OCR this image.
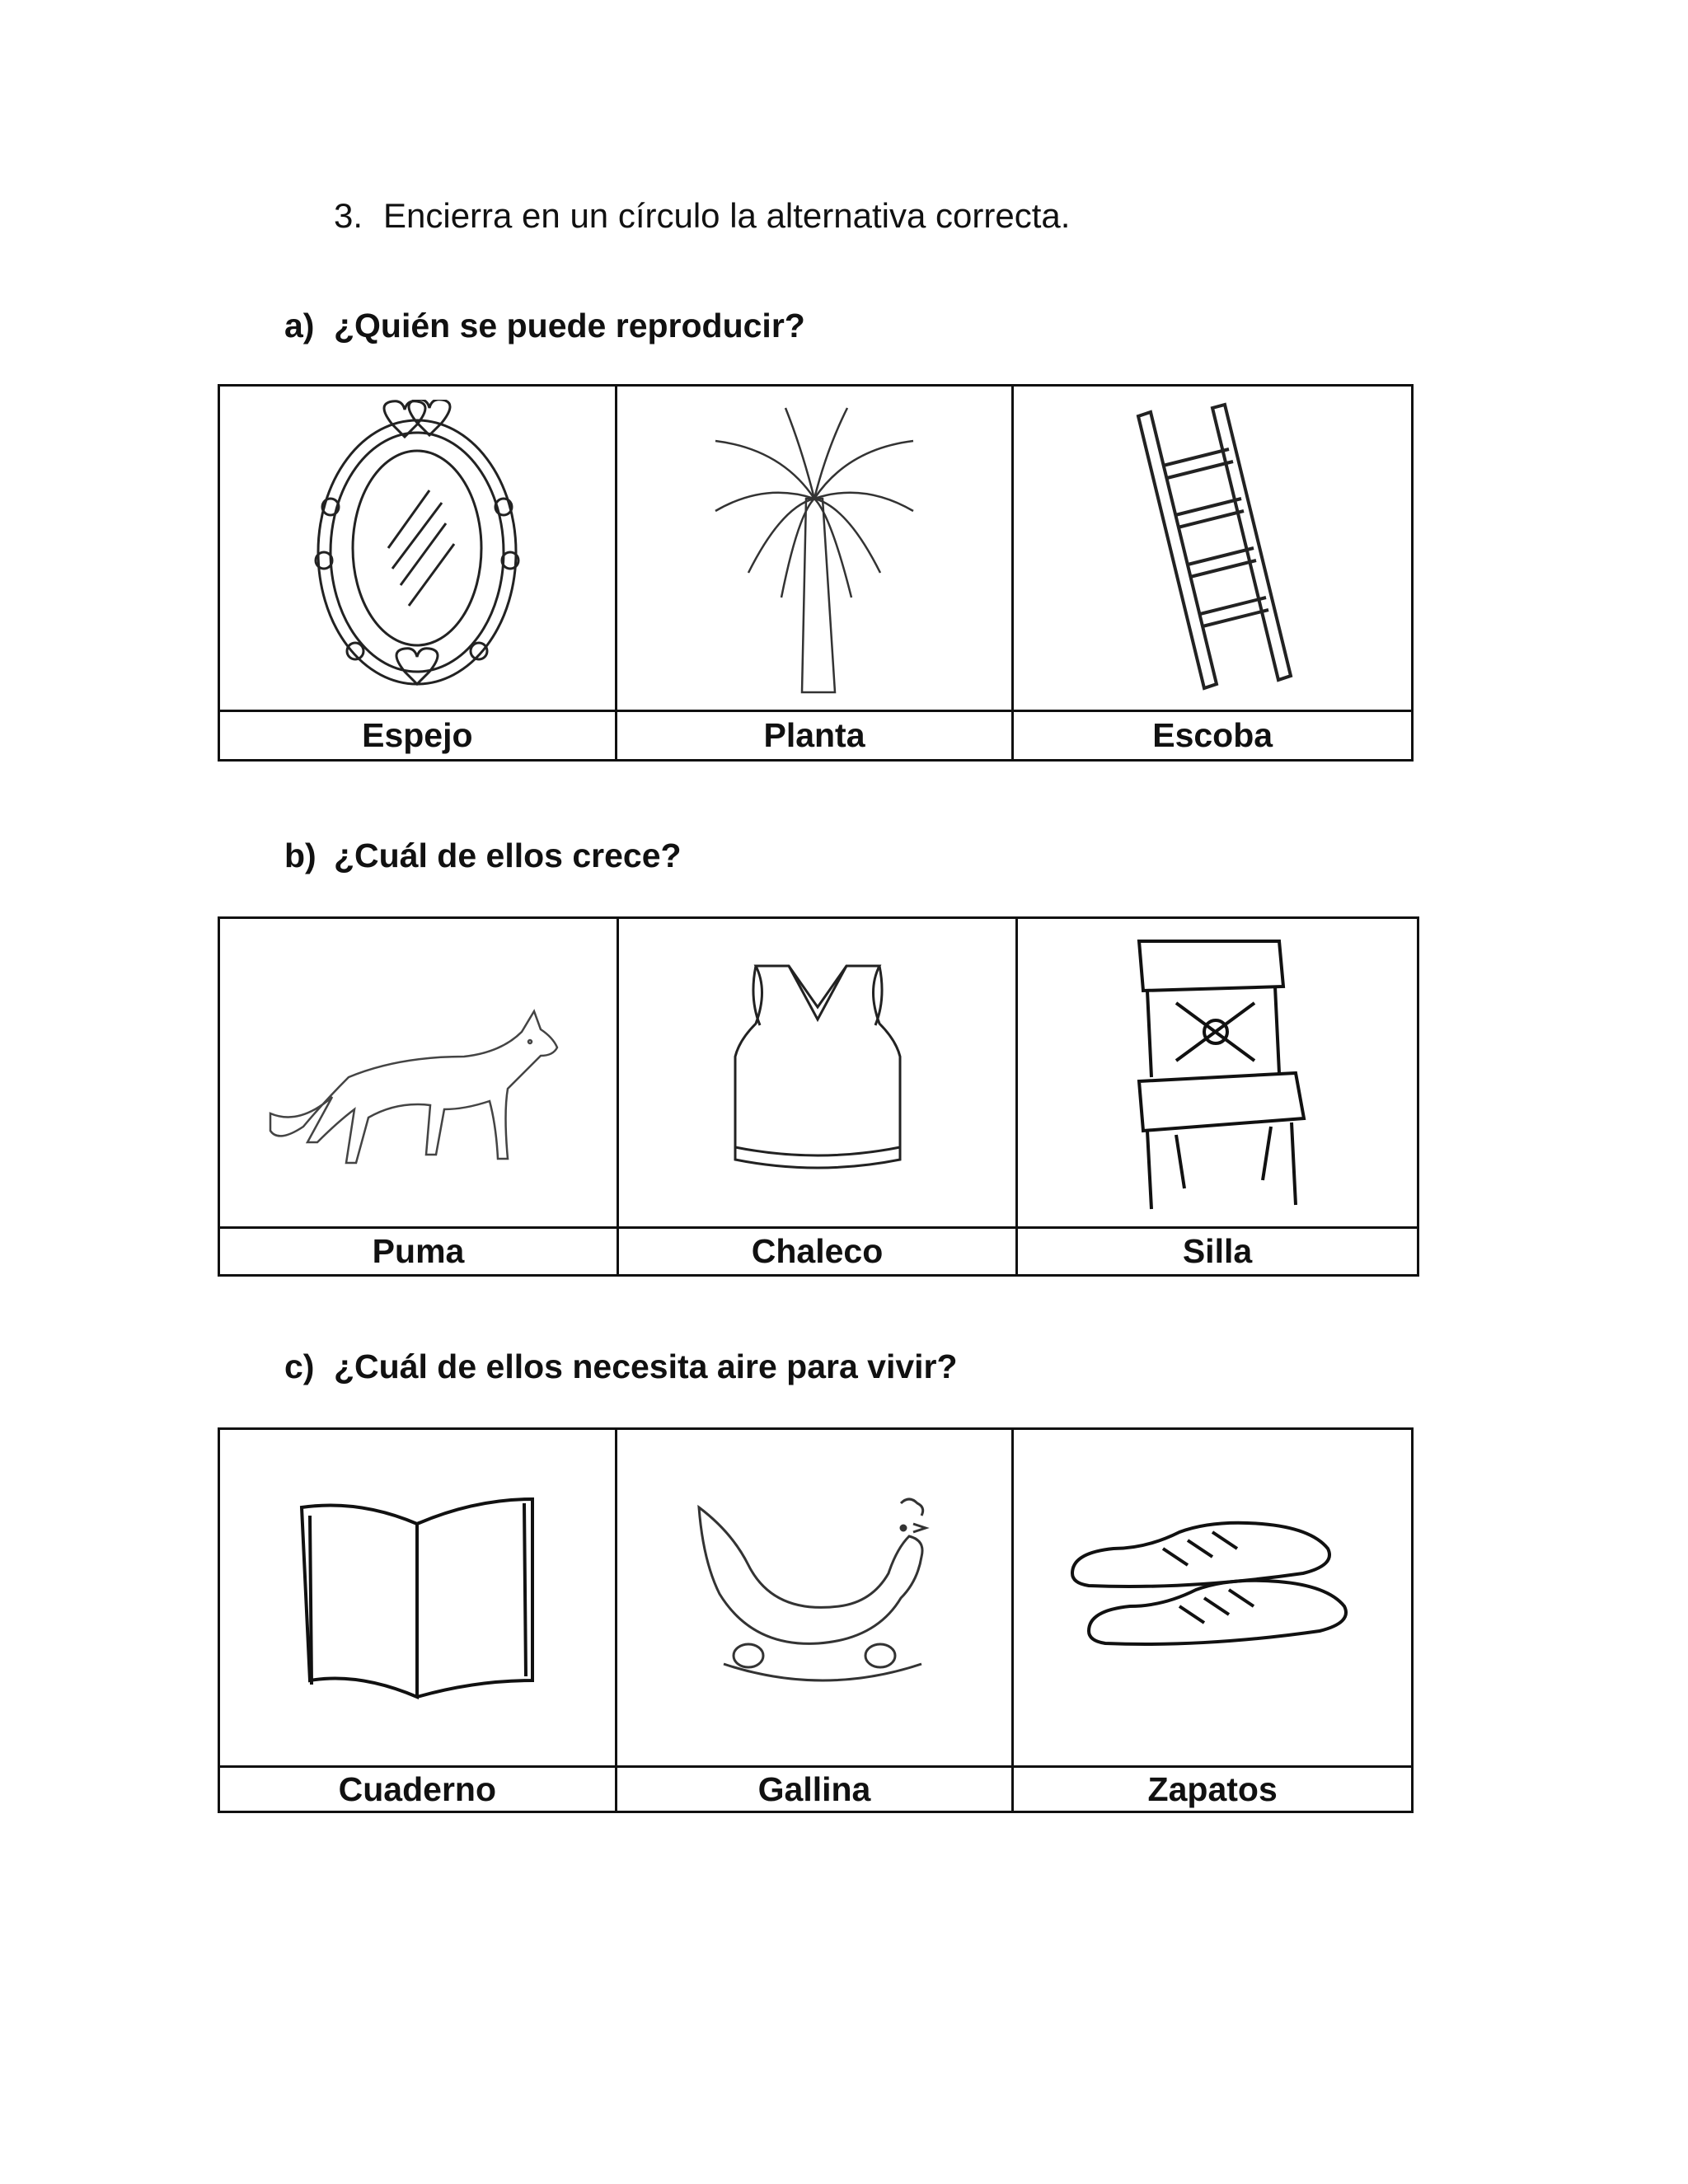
3. Encierra en un círculo la alternativa correcta.
a) ¿Quién se puede reproducir?
Espejo	Planta	Escoba
b) ¿Cuál de ellos crece?
Puma	Chaleco	Silla
c) ¿Cuál de ellos necesita aire para vivir?
Cuaderno	Gallina	Zapatos
